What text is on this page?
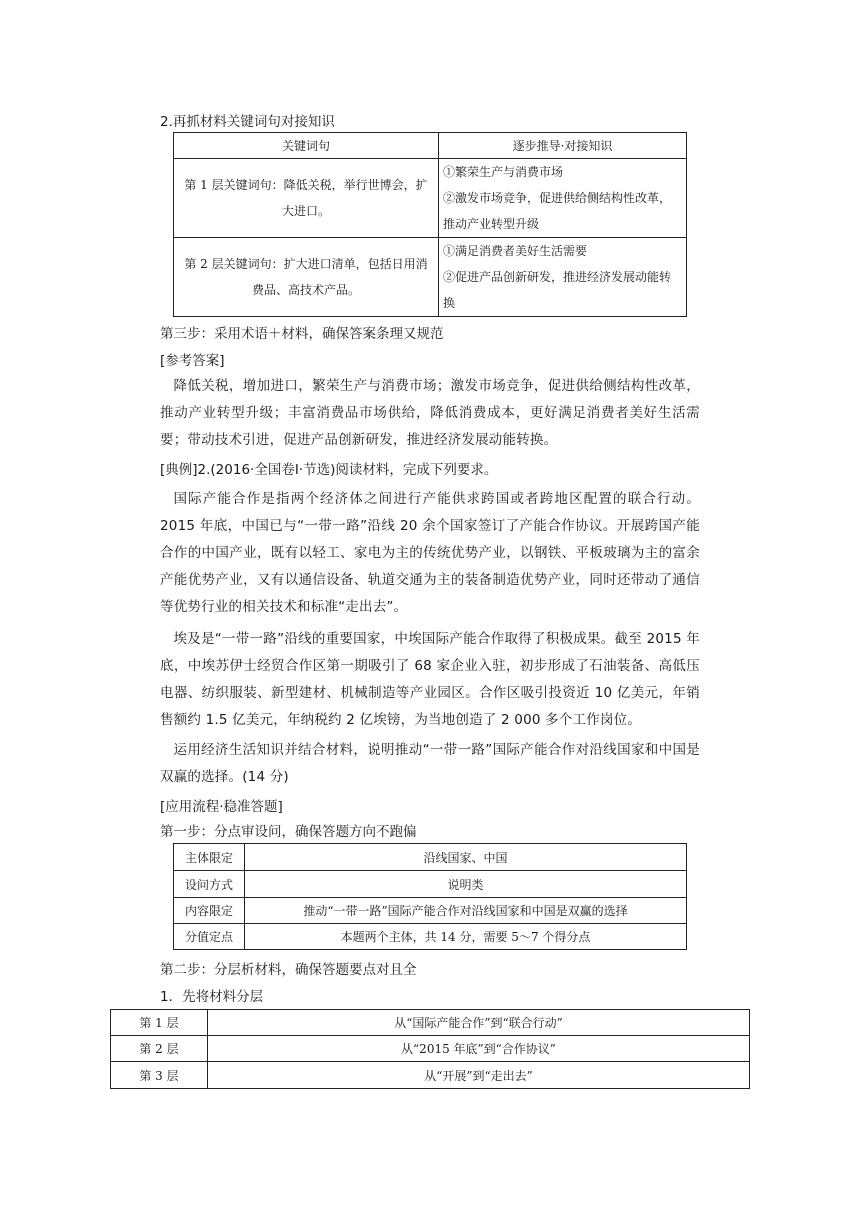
2.再抓材料关键词句对接知识
关键词句	逐步推导·对接知识
第 1 层关键词句：降低关税，举行世博会，扩大进口。	①繁荣生产与消费市场
②激发市场竞争，促进供给侧结构性改革，推动产业转型升级

第 2 层关键词句：扩大进口清单，包括日用消费品、高技术产品。	①满足消费者美好生活需要
②促进产品创新研发，推进经济发展动能转换
第三步：采用术语＋材料，确保答案条理又规范
[参考答案]
降低关税，增加进口，繁荣生产与消费市场；激发市场竞争，促进供给侧结构性改革，推动产业转型升级；丰富消费品市场供给，降低消费成本，更好满足消费者美好生活需要；带动技术引进，促进产品创新研发，推进经济发展动能转换。
[典例]2.(2016·全国卷Ⅰ·节选)阅读材料，完成下列要求。
国际产能合作是指两个经济体之间进行产能供求跨国或者跨地区配置的联合行动。2015 年底，中国已与“一带一路”沿线 20 余个国家签订了产能合作协议。开展跨国产能合作的中国产业，既有以轻工、家电为主的传统优势产业，以钢铁、平板玻璃为主的富余产能优势产业，又有以通信设备、轨道交通为主的装备制造优势产业，同时还带动了通信等优势行业的相关技术和标准“走出去”。
埃及是“一带一路”沿线的重要国家，中埃国际产能合作取得了积极成果。截至 2015 年底，中埃苏伊士经贸合作区第一期吸引了 68 家企业入驻，初步形成了石油装备、高低压电器、纺织服装、新型建材、机械制造等产业园区。合作区吸引投资近 10 亿美元，年销售额约 1.5 亿美元，年纳税约 2 亿埃镑，为当地创造了 2 000 多个工作岗位。
运用经济生活知识并结合材料，说明推动“一带一路”国际产能合作对沿线国家和中国是双赢的选择。(14 分)
[应用流程·稳准答题]
第一步：分点审设问，确保答题方向不跑偏
主体限定	沿线国家、中国
设问方式	说明类
内容限定	推动“一带一路”国际产能合作对沿线国家和中国是双赢的选择
分值定点	本题两个主体，共 14 分，需要 5～7 个得分点
第二步：分层析材料，确保答题要点对且全
1．先将材料分层
第 1 层	从“国际产能合作”到“联合行动”
第 2 层	从“2015 年底”到“合作协议”
第 3 层	从“开展”到“走出去”
